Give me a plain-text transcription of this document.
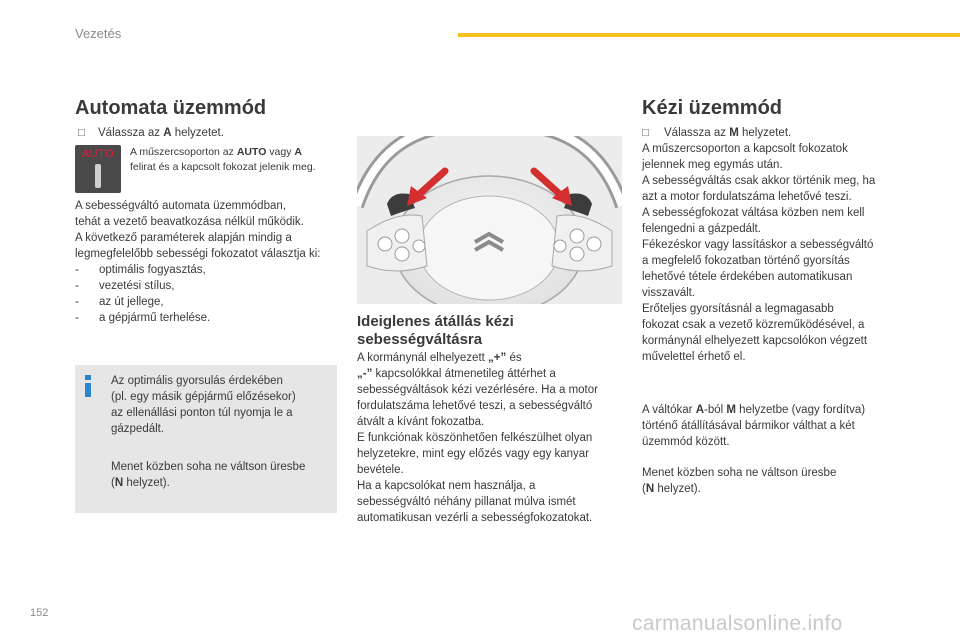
Vezetés
Automata üzemmód
□ Válassza az A helyzetet.
AUTO	A műszercsoporton az AUTO vagy A
felirat és a kapcsolt fokozat jelenik meg.
A sebességváltó automata üzemmódban,
tehát a vezető beavatkozása nélkül működik.
A következő paraméterek alapján mindig a
legmegfelelőbb sebességi fokozatot választja ki:
- optimális fogyasztás,
- vezetési stílus,
- az út jellege,
- a gépjármű terhelése.
Az optimális gyorsulás érdekében
(pl. egy másik gépjármű előzésekor)
az ellenállási ponton túl nyomja le a
gázpedált.
Menet közben soha ne váltson üresbe
(N helyzet).
Ideiglenes átállás kézi
sebességváltásra
A kormánynál elhelyezett „+” és
„-” kapcsolókkal átmenetileg áttérhet a
sebességváltások kézi vezérlésére. Ha a motor
fordulatszáma lehetővé teszi, a sebességváltó
átvált a kívánt fokozatba.
E funkciónak köszönhetően felkészülhet olyan
helyzetekre, mint egy előzés vagy egy kanyar
bevétele.
Ha a kapcsolókat nem használja, a
sebességváltó néhány pillanat múlva ismét
automatikusan vezérli a sebességfokozatokat.
Kézi üzemmód
□ Válassza az M helyzetet.
A műszercsoporton a kapcsolt fokozatok
jelennek meg egymás után.
A sebességváltás csak akkor történik meg, ha
azt a motor fordulatszáma lehetővé teszi.
A sebességfokozat váltása közben nem kell
felengedni a gázpedált.
Fékezéskor vagy lassításkor a sebességváltó
a megfelelő fokozatban történő gyorsítás
lehetővé tétele érdekében automatikusan
visszavált.
Erőteljes gyorsításnál a legmagasabb
fokozat csak a vezető közreműködésével, a
kormánynál elhelyezett kapcsolókon végzett
művelettel érhető el.
A váltókar A-ból M helyzetbe (vagy fordítva)
történő átállításával bármikor válthat a két
üzemmód között.
Menet közben soha ne váltson üresbe
(N helyzet).
152	carmanualsonline.info
